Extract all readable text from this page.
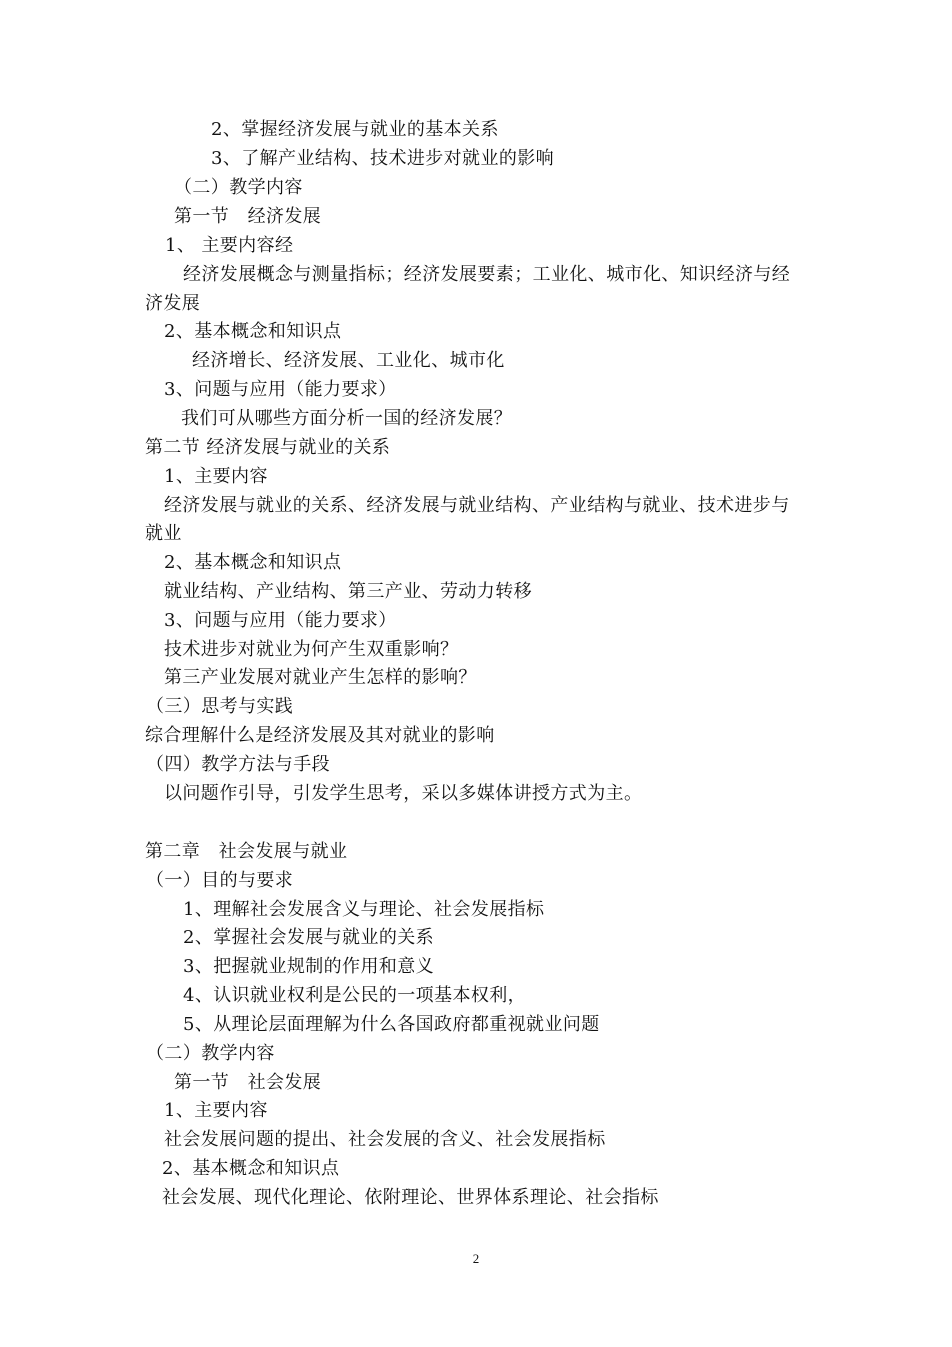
2、掌握经济发展与就业的基本关系
3、了解产业结构、技术进步对就业的影响
（二）教学内容
第一节　经济发展
1、 主要内容经
经济发展概念与测量指标；经济发展要素；工业化、城市化、知识经济与经
济发展
2、基本概念和知识点
经济增长、经济发展、工业化、城市化
3、问题与应用（能力要求）
我们可从哪些方面分析一国的经济发展？
第二节 经济发展与就业的关系
1、主要内容
经济发展与就业的关系、经济发展与就业结构、产业结构与就业、技术进步与
就业
2、基本概念和知识点
就业结构、产业结构、第三产业、劳动力转移
3、问题与应用（能力要求）
技术进步对就业为何产生双重影响？
第三产业发展对就业产生怎样的影响？
（三）思考与实践
综合理解什么是经济发展及其对就业的影响
（四）教学方法与手段
以问题作引导，引发学生思考，采以多媒体讲授方式为主。
第二章　社会发展与就业
（一）目的与要求
1、理解社会发展含义与理论、社会发展指标
2、掌握社会发展与就业的关系
3、把握就业规制的作用和意义
4、认识就业权利是公民的一项基本权利，
5、从理论层面理解为什么各国政府都重视就业问题
（二）教学内容
第一节　社会发展
1、主要内容
社会发展问题的提出、社会发展的含义、社会发展指标
2、基本概念和知识点
社会发展、现代化理论、依附理论、世界体系理论、社会指标
2
